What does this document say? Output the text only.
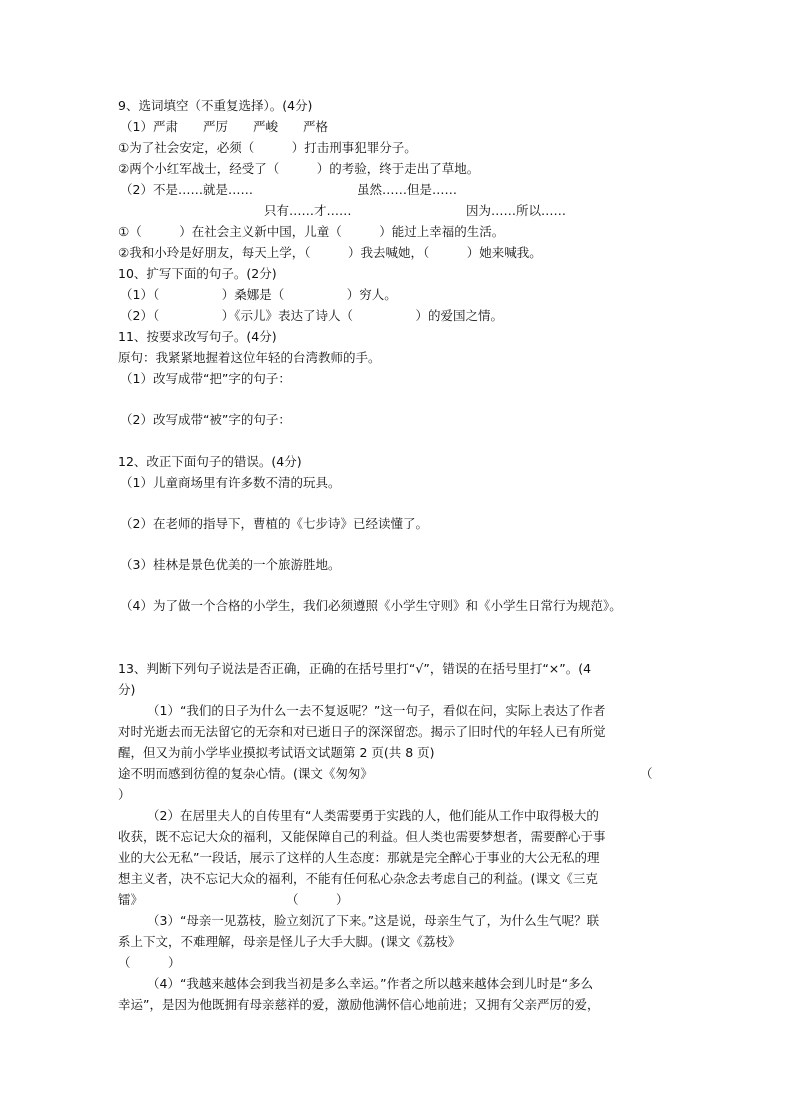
9、选词填空（不重复选择）。(4分)
（1）严肃　　严厉　　严峻　　严格
①为了社会安定，必须（　　　）打击刑事犯罪分子。
②两个小红军战士，经受了（　　　）的考验，终于走出了草地。
（2）不是……就是……	虽然……但是……
只有……才……	因为……所以……
①（　　　）在社会主义新中国，儿童（　　　）能过上幸福的生活。
②我和小玲是好朋友，每天上学，（　　　）我去喊她，（　　　）她来喊我。
10、扩写下面的句子。(2分)
（1）（　　　　　）桑娜是（　　　　　）穷人。
（2）（　　　　　）《示儿》表达了诗人（　　　　　）的爱国之情。
11、按要求改写句子。(4分)
原句：我紧紧地握着这位年轻的台湾教师的手。
（1）改写成带“把”字的句子：
（2）改写成带“被”字的句子：
12、改正下面句子的错误。(4分)
（1）儿童商场里有许多数不清的玩具。
（2）在老师的指导下，曹植的《七步诗》已经读懂了。
（3）桂林是景色优美的一个旅游胜地。
（4）为了做一个合格的小学生，我们必须遵照《小学生守则》和《小学生日常行为规范》。
13、判断下列句子说法是否正确，正确的在括号里打“√”，错误的在括号里打“×”。(4
分)
（1）“我们的日子为什么一去不复返呢？”这一句子，看似在问，实际上表达了作者
对时光逝去而无法留它的无奈和对已逝日子的深深留恋。揭示了旧时代的年轻人已有所觉
醒，但又为前小学毕业摸拟考试语文试题第 2 页(共 8 页)
途不明而感到彷徨的复杂心情。(课文《匆匆》	（
）
（2）在居里夫人的自传里有“人类需要勇于实践的人，他们能从工作中取得极大的
收获，既不忘记大众的福利，又能保障自己的利益。但人类也需要梦想者，需要醉心于事
业的大公无私”一段话，展示了这样的人生态度：那就是完全醉心于事业的大公无私的理
想主义者，决不忘记大众的福利，不能有任何私心杂念去考虑自己的利益。(课文《三克
镭》	（　　　）
（3）“母亲一见荔枝，脸立刻沉了下来。”这是说，母亲生气了，为什么生气呢？联
系上下文，不难理解，母亲是怪儿子大手大脚。(课文《荔枝》
（　　　）
（4）“我越来越体会到我当初是多么幸运。”作者之所以越来越体会到儿时是“多么
幸运”，是因为他既拥有母亲慈祥的爱，激励他满怀信心地前进；又拥有父亲严厉的爱，
